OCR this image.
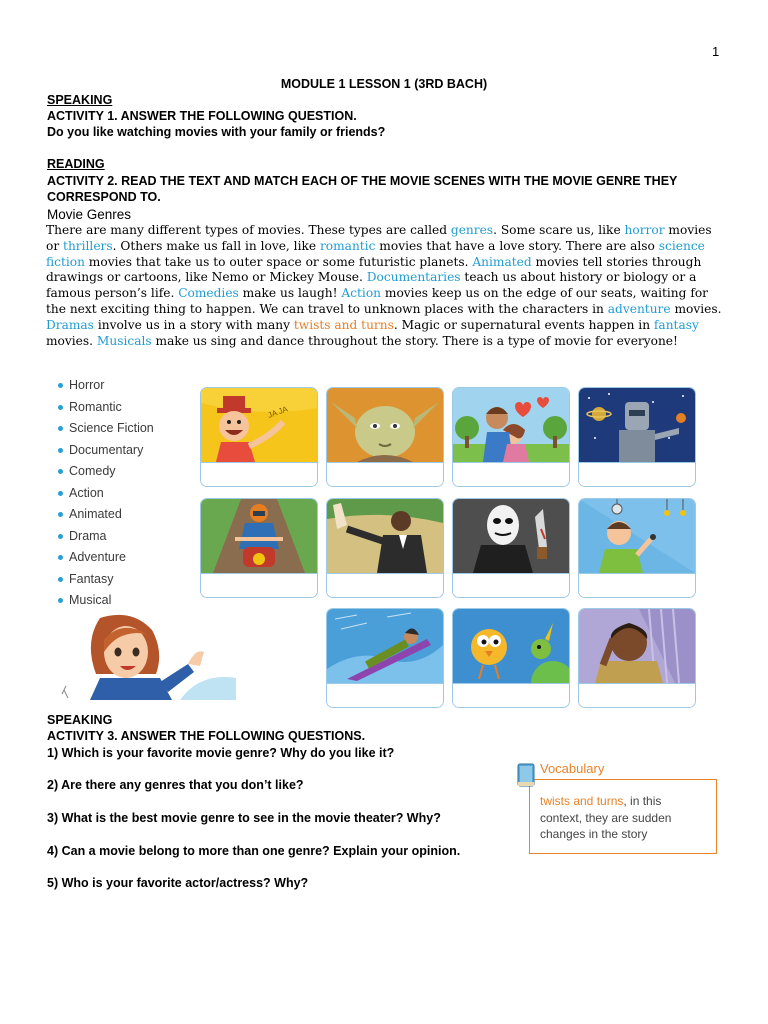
1
MODULE 1 LESSON 1 (3RD BACH)
SPEAKING
ACTIVITY 1. ANSWER THE FOLLOWING QUESTION.
Do you like watching movies with your family or friends?
READING
ACTIVITY 2. READ THE TEXT AND MATCH EACH OF THE MOVIE SCENES WITH THE MOVIE GENRE THEY
CORRESPOND TO.
Movie Genres
There are many different types of movies. These types are called genres. Some scare us, like horror movies or thrillers. Others make us fall in love, like romantic movies that have a love story. There are also science fiction movies that take us to outer space or some futuristic planets. Animated movies tell stories through drawings or cartoons, like Nemo or Mickey Mouse. Documentaries teach us about history or biology or a famous person’s life. Comedies make us laugh! Action movies keep us on the edge of our seats, waiting for the next exciting thing to happen. We can travel to unknown places with the characters in adventure movies. Dramas involve us in a story with many twists and turns. Magic or supernatural events happen in fantasy movies. Musicals make us sing and dance throughout the story. There is a type of movie for everyone!
Horror
Romantic
Science Fiction
Documentary
Comedy
Action
Animated
Drama
Adventure
Fantasy
Musical
JA JA
SPEAKING
ACTIVITY 3. ANSWER THE FOLLOWING QUESTIONS.
1) Which is your favorite movie genre? Why do you like it?
2) Are there any genres that you don’t like?
3) What is the best movie genre to see in the movie theater? Why?
4) Can a movie belong to more than one genre? Explain your opinion.
5) Who is your favorite actor/actress? Why?
twists and turns, in this
context, they are sudden
changes in the story
Vocabulary
